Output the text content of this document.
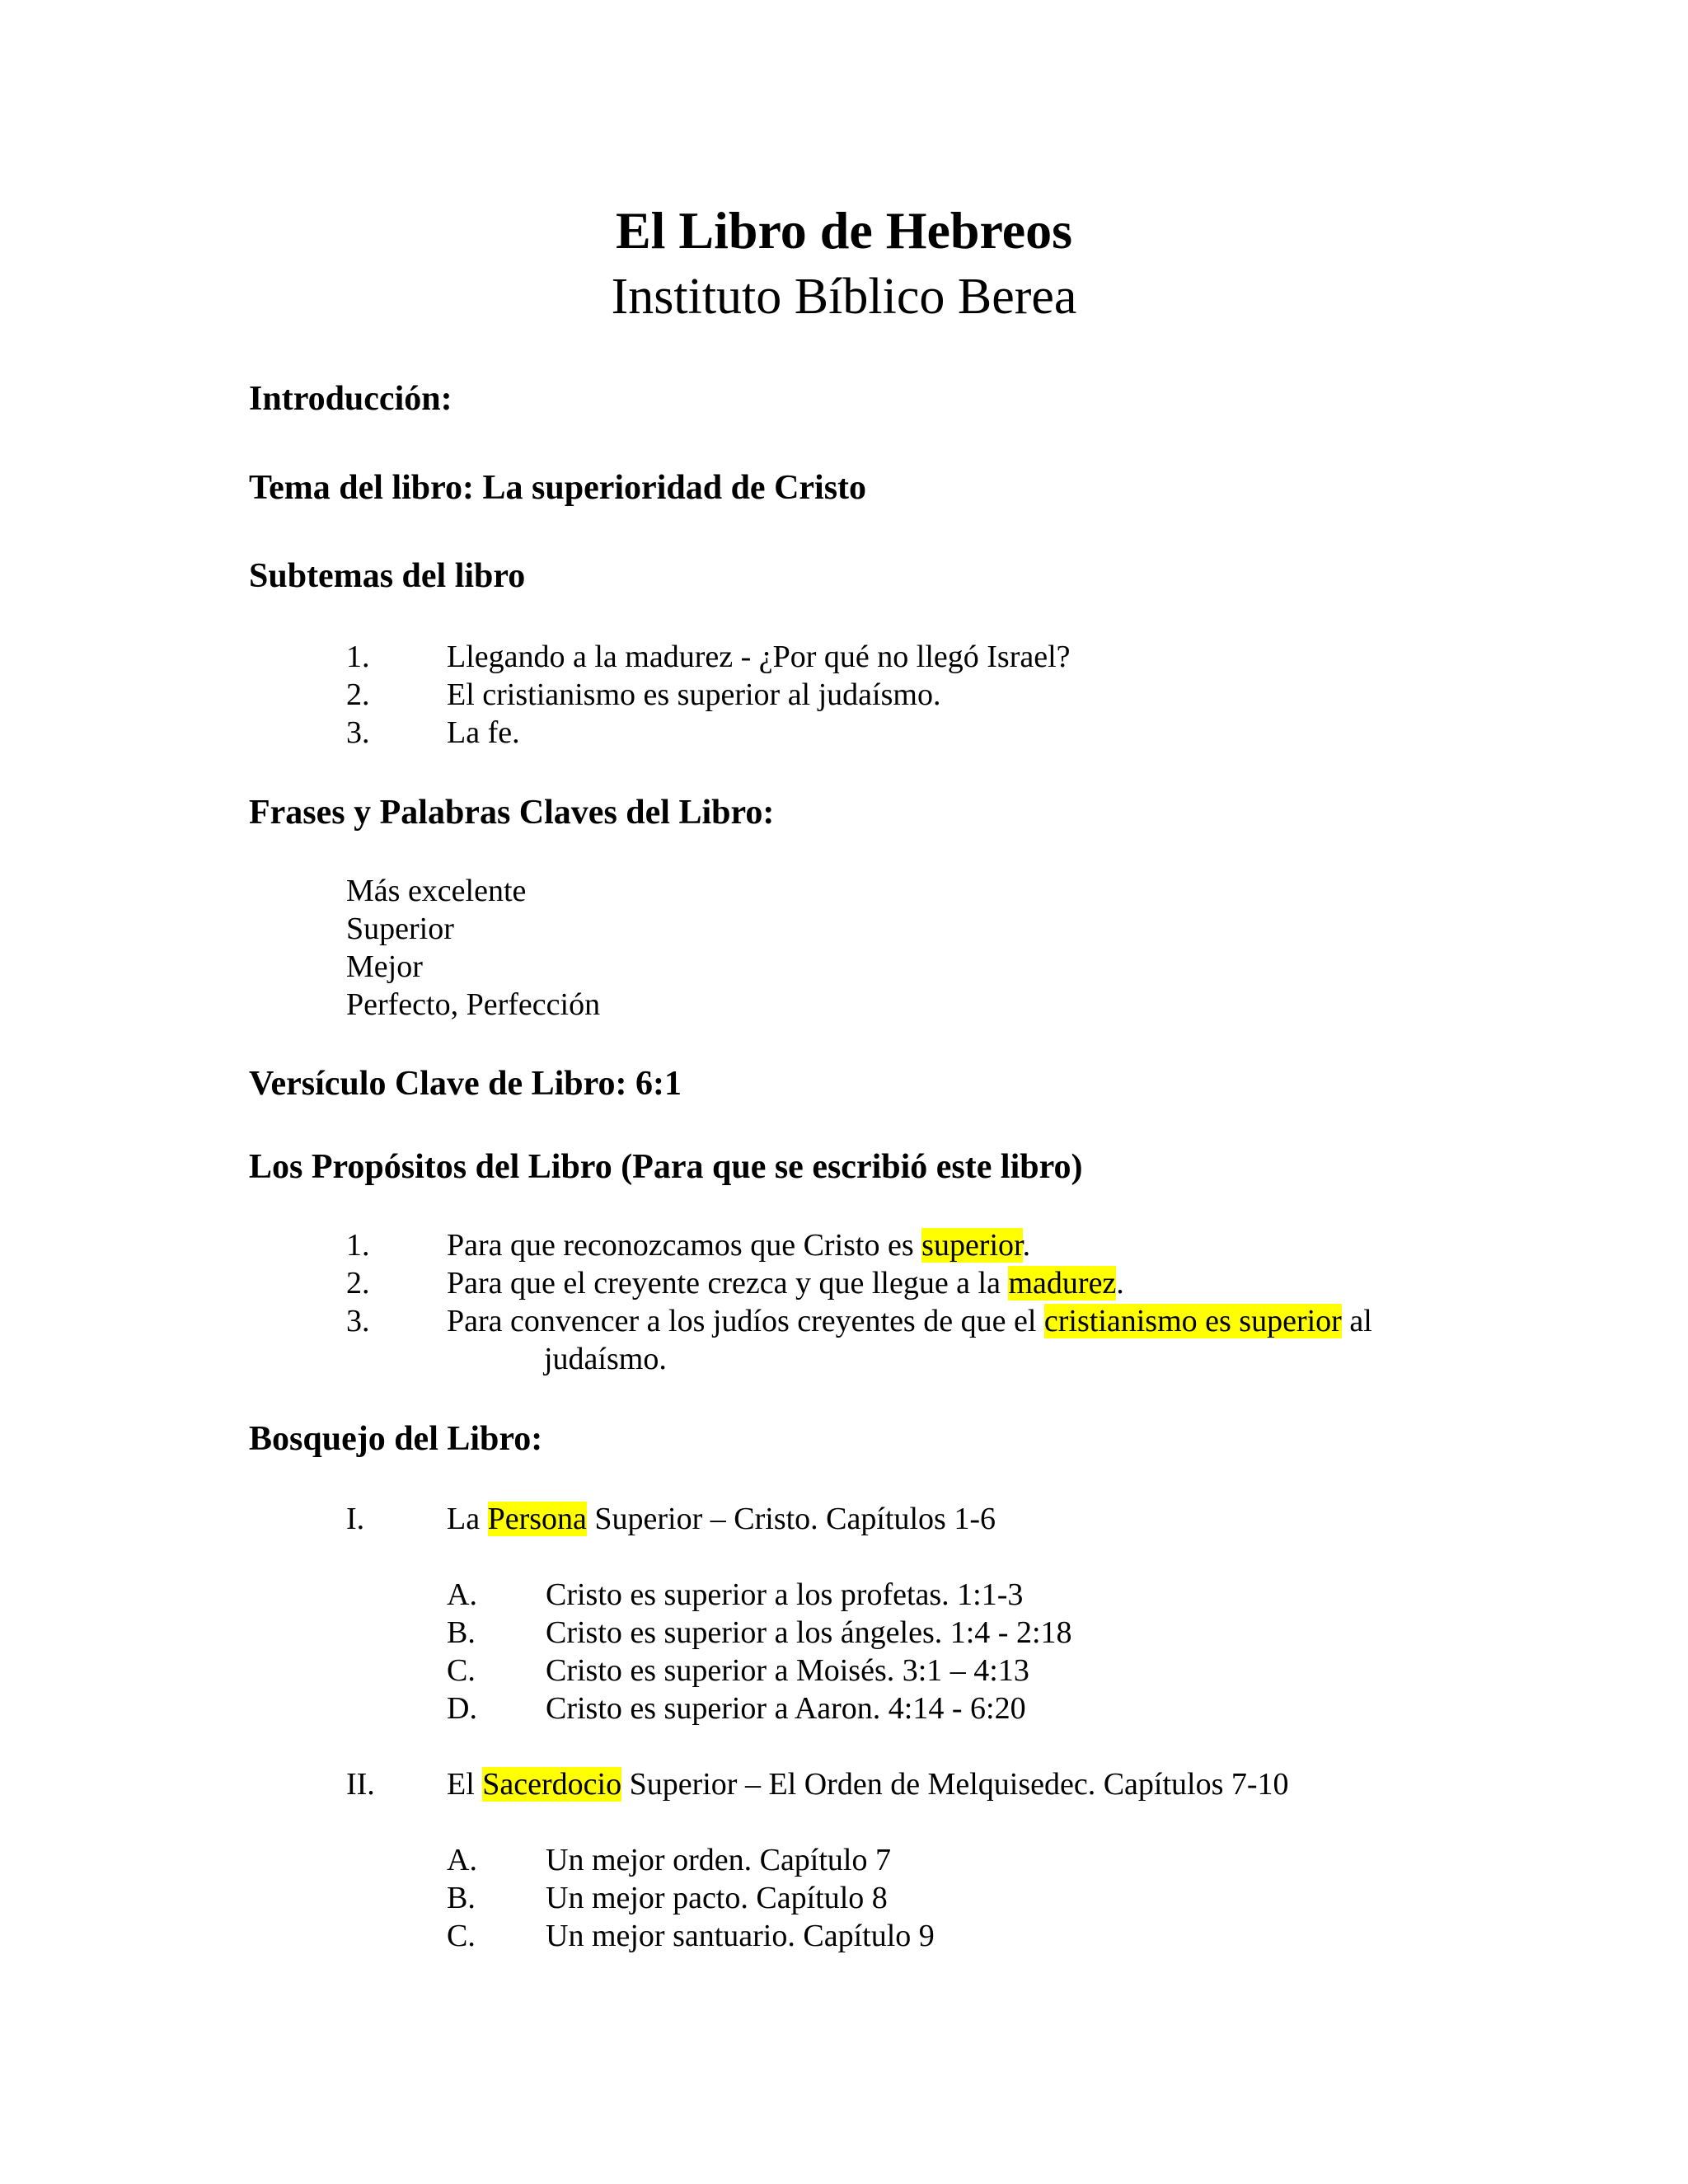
El Libro de Hebreos
Instituto Bíblico Berea
Introducción:
Tema del libro: La superioridad de Cristo
Subtemas del libro
1. Llegando a la madurez - ¿Por qué no llegó Israel?
2. El cristianismo es superior al judaísmo.
3. La fe.
Frases y Palabras Claves del Libro:
Más excelente
Superior
Mejor
Perfecto, Perfección
Versículo Clave de Libro: 6:1
Los Propósitos del Libro (Para que se escribió este libro)
1. Para que reconozcamos que Cristo es superior.
2. Para que el creyente crezca y que llegue a la madurez.
3. Para convencer a los judíos creyentes de que el cristianismo es superior al
judaísmo.
Bosquejo del Libro:
I.	La Persona Superior – Cristo. Capítulos 1-6
A. Cristo es superior a los profetas. 1:1-3
B. Cristo es superior a los ángeles. 1:4 - 2:18
C. Cristo es superior a Moisés. 3:1 – 4:13
D. Cristo es superior a Aaron. 4:14 - 6:20
II. El Sacerdocio Superior – El Orden de Melquisedec. Capítulos 7-10
A. Un mejor orden. Capítulo 7
B. Un mejor pacto. Capítulo 8
C. Un mejor santuario. Capítulo 9
